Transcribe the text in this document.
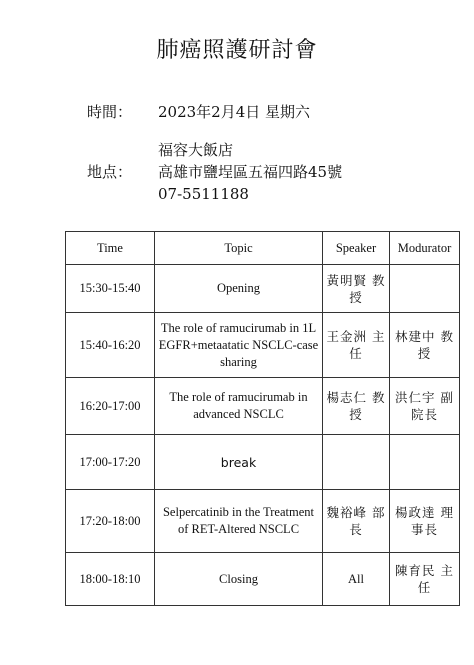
肺癌照護研討會
時間： 2023年2月4日 星期六
福容大飯店
地点： 高雄市鹽埕區五福四路45號
07-5511188
Time	Topic	Speaker	Modurator
15:30-15:40	Opening	黃明賢 教授	
15:40-16:20	The role of ramucirumab in 1L EGFR+metaatatic NSCLC-case sharing	王金洲 主任	林建中 教授
16:20-17:00	The role of ramucirumab in advanced NSCLC	楊志仁 教授	洪仁宇 副院長
17:00-17:20	break		
17:20-18:00	Selpercatinib in the Treatment of RET-Altered NSCLC	魏裕峰 部長	楊政達 理事長
18:00-18:10	Closing	All	陳育民 主任
